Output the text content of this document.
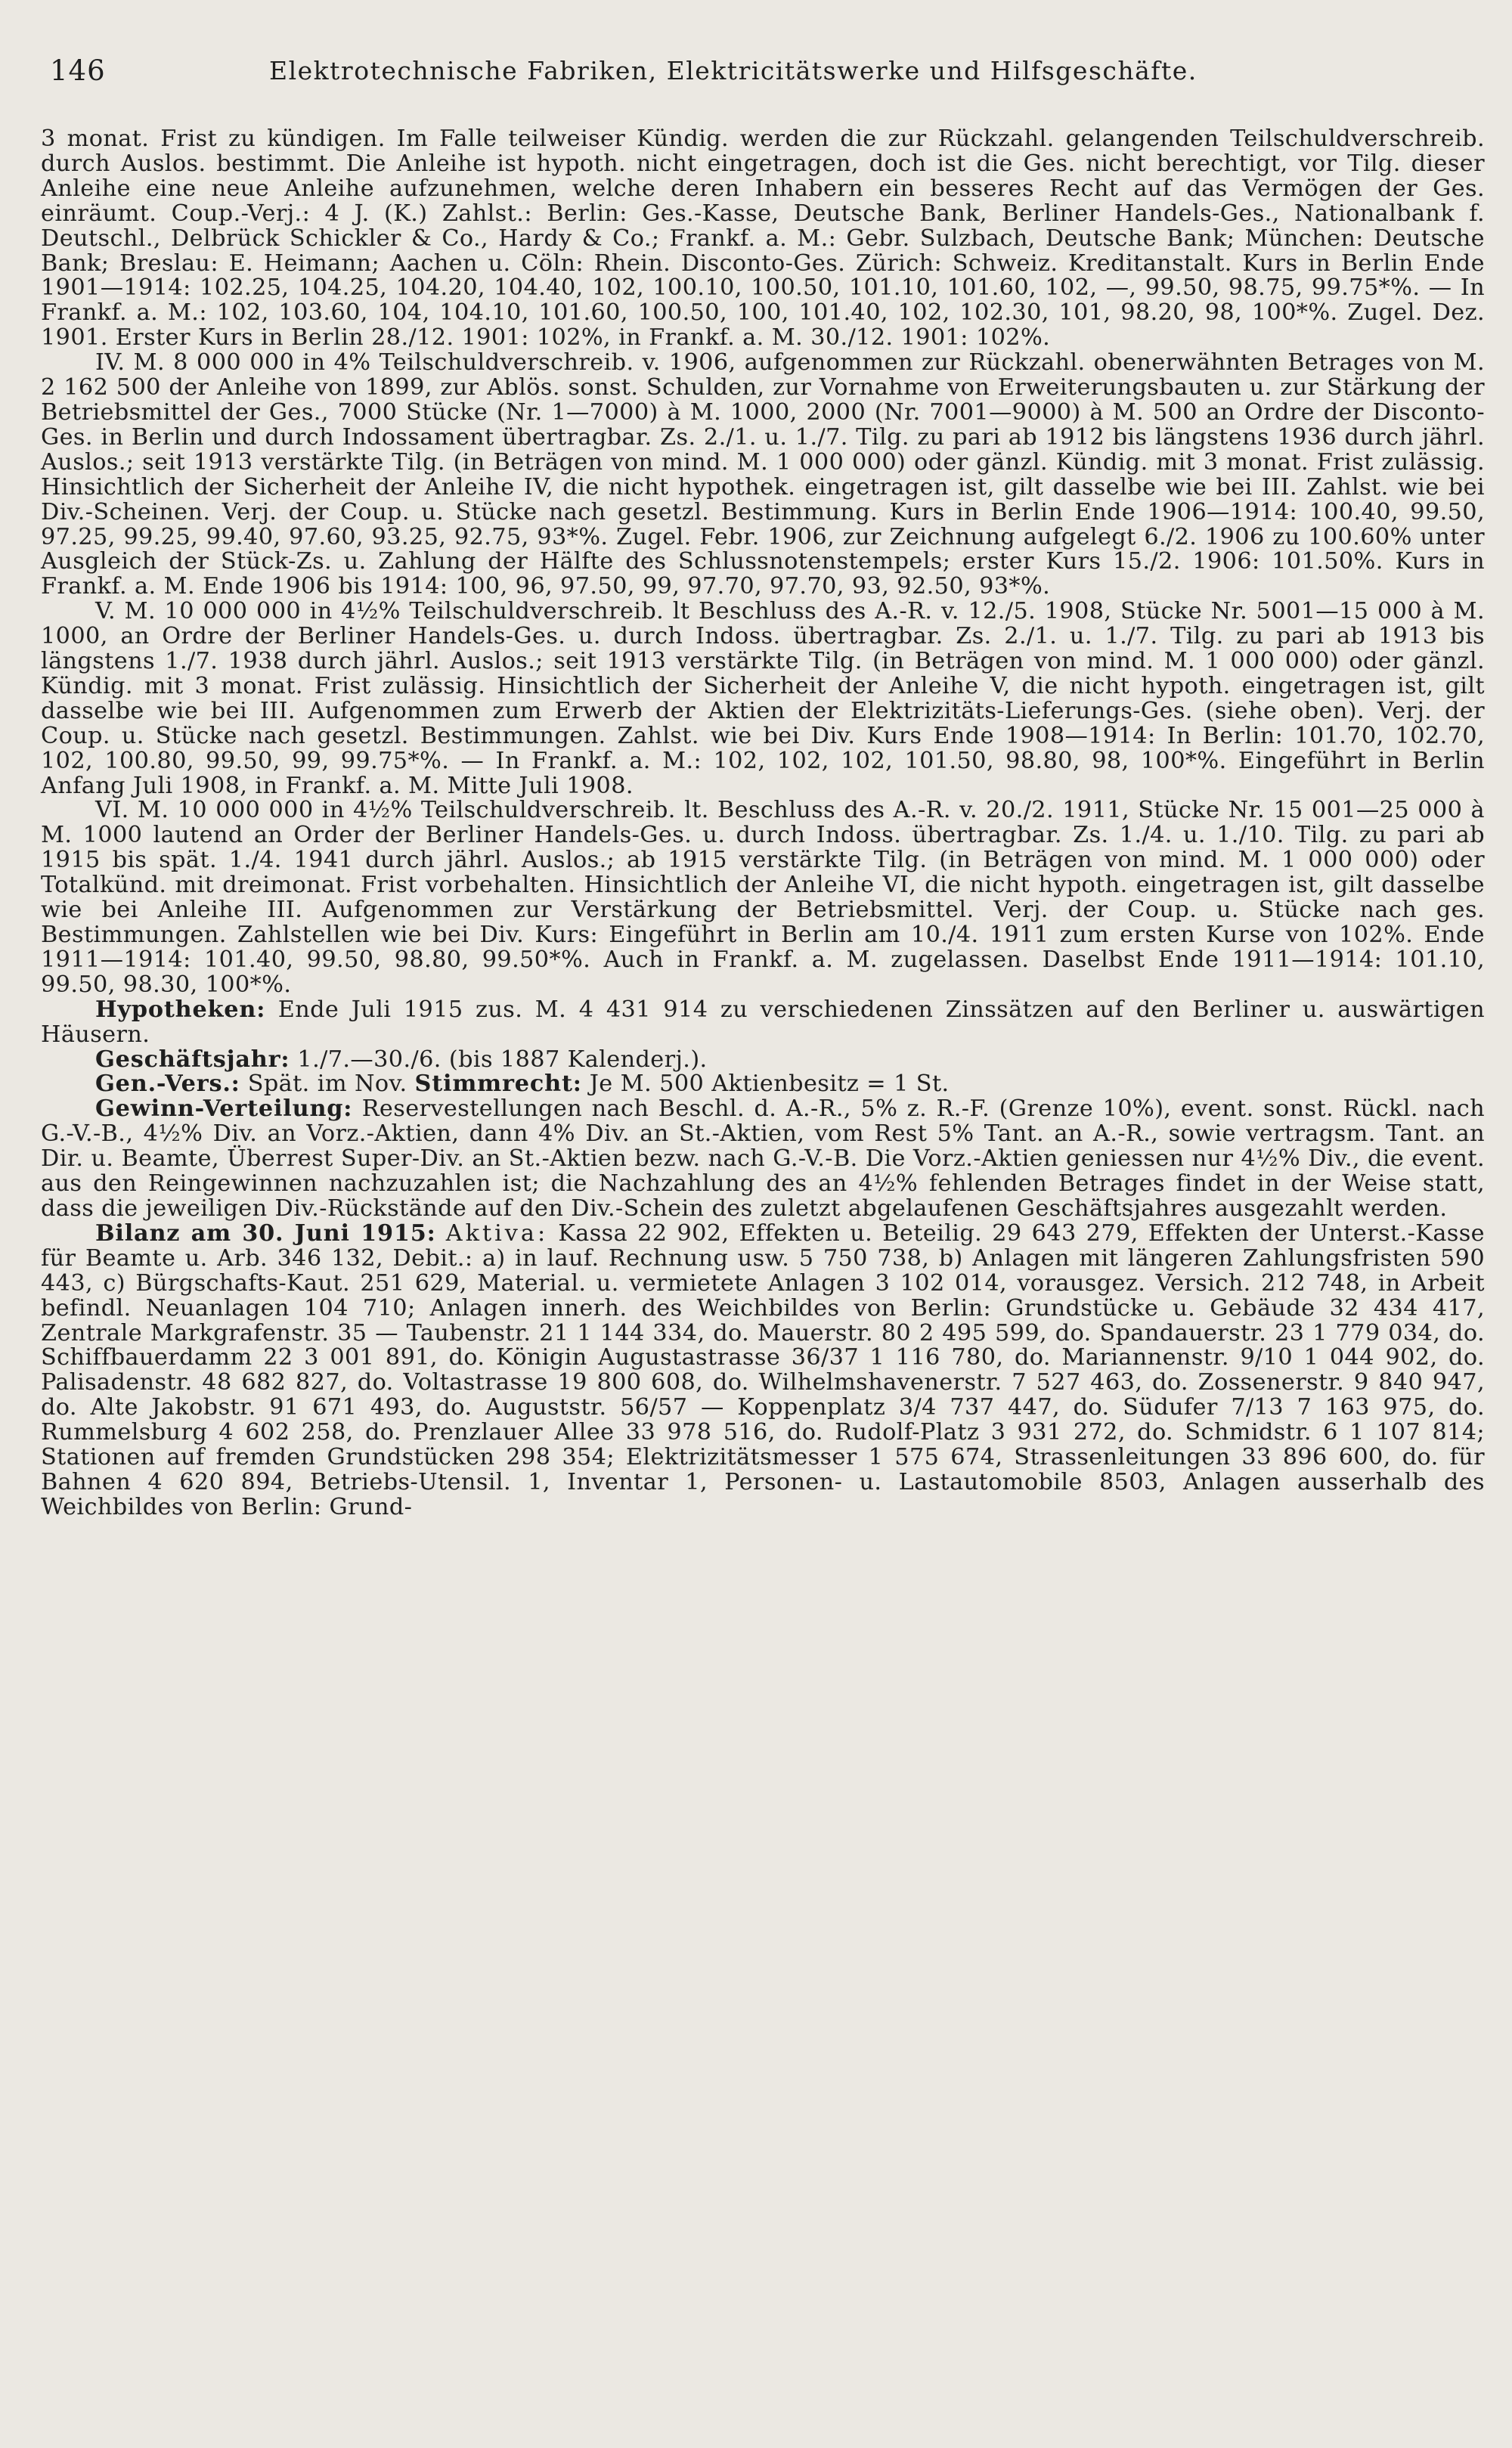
146	Elektrotechnische Fabriken, Elektricitätswerke und Hilfsgeschäfte.

3 monat. Frist zu kündigen. Im Falle teilweiser Kündig. werden die zur Rückzahl. gelangenden Teilschuldverschreib. durch Auslos. bestimmt. Die Anleihe ist hypoth. nicht eingetragen, doch ist die Ges. nicht berechtigt, vor Tilg. dieser Anleihe eine neue Anleihe aufzunehmen, welche deren Inhabern ein besseres Recht auf das Vermögen der Ges. einräumt. Coup.-Verj.: 4 J. (K.) Zahlst.: Berlin: Ges.-Kasse, Deutsche Bank, Berliner Handels-Ges., Nationalbank f. Deutschl., Delbrück Schickler & Co., Hardy & Co.; Frankf. a. M.: Gebr. Sulzbach, Deutsche Bank; München: Deutsche Bank; Breslau: E. Heimann; Aachen u. Cöln: Rhein. Disconto-Ges. Zürich: Schweiz. Kreditanstalt. Kurs in Berlin Ende 1901—1914: 102.25, 104.25, 104.20, 104.40, 102, 100.10, 100.50, 101.10, 101.60, 102, —, 99.50, 98.75, 99.75*%. — In Frankf. a. M.: 102, 103.60, 104, 104.10, 101.60, 100.50, 100, 101.40, 102, 102.30, 101, 98.20, 98, 100*%. Zugel. Dez. 1901. Erster Kurs in Berlin 28./12. 1901: 102%, in Frankf. a. M. 30./12. 1901: 102%.

IV. M. 8 000 000 in 4% Teilschuldverschreib. v. 1906, aufgenommen zur Rückzahl. obenerwähnten Betrages von M. 2 162 500 der Anleihe von 1899, zur Ablös. sonst. Schulden, zur Vornahme von Erweiterungsbauten u. zur Stärkung der Betriebsmittel der Ges., 7000 Stücke (Nr. 1—7000) à M. 1000, 2000 (Nr. 7001—9000) à M. 500 an Ordre der Disconto-Ges. in Berlin und durch Indossament übertragbar. Zs. 2./1. u. 1./7. Tilg. zu pari ab 1912 bis längstens 1936 durch jährl. Auslos.; seit 1913 verstärkte Tilg. (in Beträgen von mind. M. 1 000 000) oder gänzl. Kündig. mit 3 monat. Frist zulässig. Hinsichtlich der Sicherheit der Anleihe IV, die nicht hypothek. eingetragen ist, gilt dasselbe wie bei III. Zahlst. wie bei Div.-Scheinen. Verj. der Coup. u. Stücke nach gesetzl. Bestimmung. Kurs in Berlin Ende 1906—1914: 100.40, 99.50, 97.25, 99.25, 99.40, 97.60, 93.25, 92.75, 93*%. Zugel. Febr. 1906, zur Zeichnung aufgelegt 6./2. 1906 zu 100.60% unter Ausgleich der Stück-Zs. u. Zahlung der Hälfte des Schlussnotenstempels; erster Kurs 15./2. 1906: 101.50%. Kurs in Frankf. a. M. Ende 1906 bis 1914: 100, 96, 97.50, 99, 97.70, 97.70, 93, 92.50, 93*%.

V. M. 10 000 000 in 4½% Teilschuldverschreib. lt Beschluss des A.-R. v. 12./5. 1908, Stücke Nr. 5001—15 000 à M. 1000, an Ordre der Berliner Handels-Ges. u. durch Indoss. übertragbar. Zs. 2./1. u. 1./7. Tilg. zu pari ab 1913 bis längstens 1./7. 1938 durch jährl. Auslos.; seit 1913 verstärkte Tilg. (in Beträgen von mind. M. 1 000 000) oder gänzl. Kündig. mit 3 monat. Frist zulässig. Hinsichtlich der Sicherheit der Anleihe V, die nicht hypoth. eingetragen ist, gilt dasselbe wie bei III. Aufgenommen zum Erwerb der Aktien der Elektrizitäts-Lieferungs-Ges. (siehe oben). Verj. der Coup. u. Stücke nach gesetzl. Bestimmungen. Zahlst. wie bei Div. Kurs Ende 1908—1914: In Berlin: 101.70, 102.70, 102, 100.80, 99.50, 99, 99.75*%. — In Frankf. a. M.: 102, 102, 102, 101.50, 98.80, 98, 100*%. Eingeführt in Berlin Anfang Juli 1908, in Frankf. a. M. Mitte Juli 1908.

VI. M. 10 000 000 in 4½% Teilschuldverschreib. lt. Beschluss des A.-R. v. 20./2. 1911, Stücke Nr. 15 001—25 000 à M. 1000 lautend an Order der Berliner Handels-Ges. u. durch Indoss. übertragbar. Zs. 1./4. u. 1./10. Tilg. zu pari ab 1915 bis spät. 1./4. 1941 durch jährl. Auslos.; ab 1915 verstärkte Tilg. (in Beträgen von mind. M. 1 000 000) oder Totalkünd. mit dreimonat. Frist vorbehalten. Hinsichtlich der Anleihe VI, die nicht hypoth. eingetragen ist, gilt dasselbe wie bei Anleihe III. Aufgenommen zur Verstärkung der Betriebsmittel. Verj. der Coup. u. Stücke nach ges. Bestimmungen. Zahlstellen wie bei Div. Kurs: Eingeführt in Berlin am 10./4. 1911 zum ersten Kurse von 102%. Ende 1911—1914: 101.40, 99.50, 98.80, 99.50*%. Auch in Frankf. a. M. zugelassen. Daselbst Ende 1911—1914: 101.10, 99.50, 98.30, 100*%.

Hypotheken: Ende Juli 1915 zus. M. 4 431 914 zu verschiedenen Zinssätzen auf den Berliner u. auswärtigen Häusern.

Geschäftsjahr: 1./7.—30./6. (bis 1887 Kalenderj.).

Gen.-Vers.: Spät. im Nov. Stimmrecht: Je M. 500 Aktienbesitz = 1 St.

Gewinn-Verteilung: Reservestellungen nach Beschl. d. A.-R., 5% z. R.-F. (Grenze 10%), event. sonst. Rückl. nach G.-V.-B., 4½% Div. an Vorz.-Aktien, dann 4% Div. an St.-Aktien, vom Rest 5% Tant. an A.-R., sowie vertragsm. Tant. an Dir. u. Beamte, Überrest Super-Div. an St.-Aktien bezw. nach G.-V.-B. Die Vorz.-Aktien geniessen nur 4½% Div., die event. aus den Reingewinnen nachzuzahlen ist; die Nachzahlung des an 4½% fehlenden Betrages findet in der Weise statt, dass die jeweiligen Div.-Rückstände auf den Div.-Schein des zuletzt abgelaufenen Geschäftsjahres ausgezahlt werden.

Bilanz am 30. Juni 1915: Aktiva: Kassa 22 902, Effekten u. Beteilig. 29 643 279, Effekten der Unterst.-Kasse für Beamte u. Arb. 346 132, Debit.: a) in lauf. Rechnung usw. 5 750 738, b) Anlagen mit längeren Zahlungsfristen 590 443, c) Bürgschafts-Kaut. 251 629, Material. u. vermietete Anlagen 3 102 014, vorausgez. Versich. 212 748, in Arbeit befindl. Neuanlagen 104 710; Anlagen innerh. des Weichbildes von Berlin: Grundstücke u. Gebäude 32 434 417, Zentrale Markgrafenstr. 35 — Taubenstr. 21 1 144 334, do. Mauerstr. 80 2 495 599, do. Spandauerstr. 23 1 779 034, do. Schiffbauerdamm 22 3 001 891, do. Königin Augustastrasse 36/37 1 116 780, do. Mariannenstr. 9/10 1 044 902, do. Palisadenstr. 48 682 827, do. Voltastrasse 19 800 608, do. Wilhelmshavenerstr. 7 527 463, do. Zossenerstr. 9 840 947, do. Alte Jakobstr. 91 671 493, do. Auguststr. 56/57 — Koppenplatz 3/4 737 447, do. Südufer 7/13 7 163 975, do. Rummelsburg 4 602 258, do. Prenzlauer Allee 33 978 516, do. Rudolf-Platz 3 931 272, do. Schmidstr. 6 1 107 814; Stationen auf fremden Grundstücken 298 354; Elektrizitätsmesser 1 575 674, Strassenleitungen 33 896 600, do. für Bahnen 4 620 894, Betriebs-Utensil. 1, Inventar 1, Personen- u. Lastautomobile 8503, Anlagen ausserhalb des Weichbildes von Berlin: Grund-
